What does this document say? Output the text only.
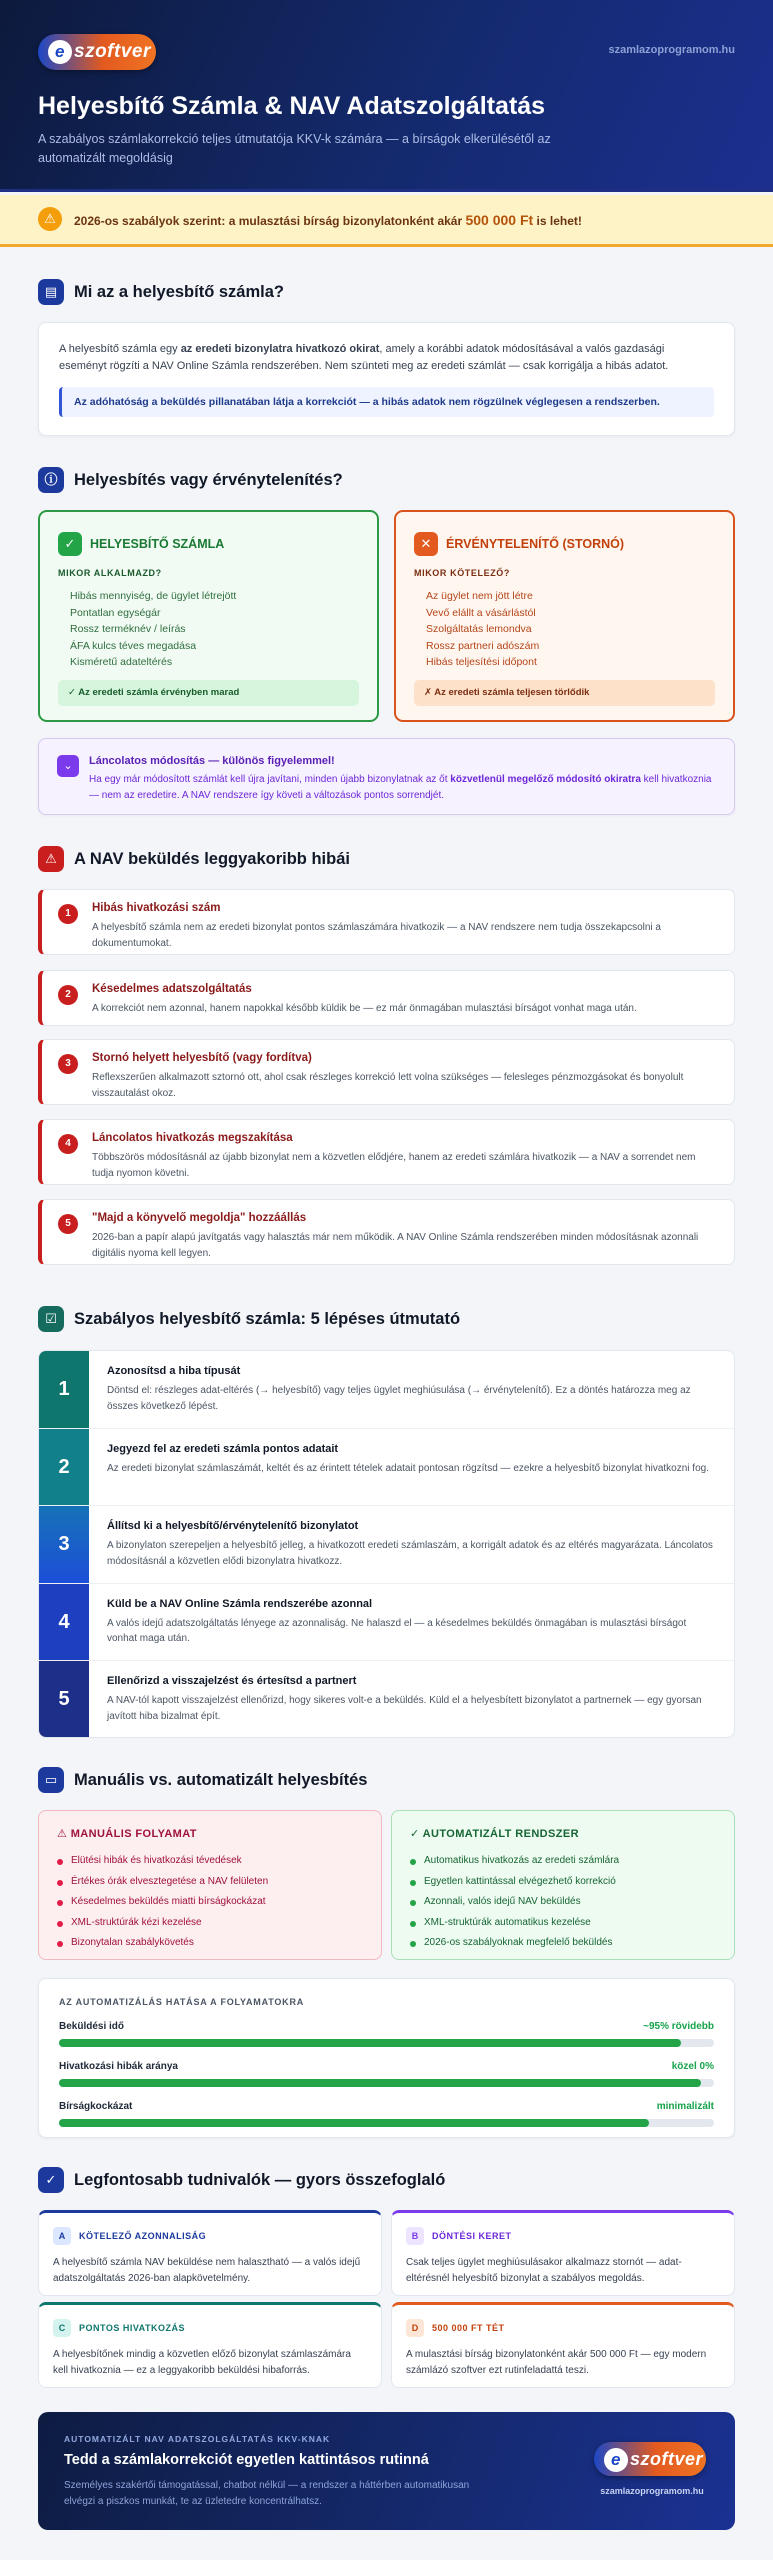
e szoftver	szamlazoprogramom.hu
Helyesbítő Számla & NAV Adatszolgáltatás
A szabályos számlakorrekció teljes útmutatója KKV-k számára — a bírságok elkerülésétől az automatizált megoldásig
⚠	2026-os szabályok szerint: a mulasztási bírság bizonylatonként akár 500 000 Ft is lehet!
▤	Mi az a helyesbítő számla?
A helyesbítő számla egy az eredeti bizonylatra hivatkozó okirat, amely a korábbi adatok módosításával a valós gazdasági eseményt rögzíti a NAV Online Számla rendszerében. Nem szünteti meg az eredeti számlát — csak korrigálja a hibás adatot.
Az adóhatóság a beküldés pillanatában látja a korrekciót — a hibás adatok nem rögzülnek véglegesen a rendszerben.
ⓘ	Helyesbítés vagy érvénytelenítés?
✓	HELYESBÍTŐ SZÁMLA
MIKOR ALKALMAZD?
Hibás mennyiség, de ügylet létrejött
Pontatlan egységár
Rossz terméknév / leírás
ÁFA kulcs téves megadása
Kisméretű adateltérés
✓ Az eredeti számla érvényben marad
✕	ÉRVÉNYTELENÍTŐ (STORNÓ)
MIKOR KÖTELEZŐ?
Az ügylet nem jött létre
Vevő elállt a vásárlástól
Szolgáltatás lemondva
Rossz partneri adószám
Hibás teljesítési időpont
✗ Az eredeti számla teljesen törlődik
⌄	Láncolatos módosítás — különös figyelemmel!
Ha egy már módosított számlát kell újra javítani, minden újabb bizonylatnak az őt közvetlenül megelőző módosító okiratra kell hivatkoznia — nem az eredetire. A NAV rendszere így követi a változások pontos sorrendjét.
⚠	A NAV beküldés leggyakoribb hibái
1	Hibás hivatkozási szám
A helyesbítő számla nem az eredeti bizonylat pontos számlaszámára hivatkozik — a NAV rendszere nem tudja összekapcsolni a dokumentumokat.
2	Késedelmes adatszolgáltatás
A korrekciót nem azonnal, hanem napokkal később küldik be — ez már önmagában mulasztási bírságot vonhat maga után.
3	Stornó helyett helyesbítő (vagy fordítva)
Reflexszerűen alkalmazott sztornó ott, ahol csak részleges korrekció lett volna szükséges — felesleges pénzmozgásokat és bonyolult visszautalást okoz.
4	Láncolatos hivatkozás megszakítása
Többszörös módosításnál az újabb bizonylat nem a közvetlen elődjére, hanem az eredeti számlára hivatkozik — a NAV a sorrendet nem tudja nyomon követni.
5	"Majd a könyvelő megoldja" hozzáállás
2026-ban a papír alapú javítgatás vagy halasztás már nem működik. A NAV Online Számla rendszerében minden módosításnak azonnali digitális nyoma kell legyen.
☑	Szabályos helyesbítő számla: 5 lépéses útmutató
1
Azonosítsd a hiba típusát
Döntsd el: részleges adat-eltérés (→ helyesbítő) vagy teljes ügylet meghiúsulása (→ érvénytelenítő). Ez a döntés határozza meg az összes következő lépést.
2
Jegyezd fel az eredeti számla pontos adatait
Az eredeti bizonylat számlaszámát, keltét és az érintett tételek adatait pontosan rögzítsd — ezekre a helyesbítő bizonylat hivatkozni fog.
3
Állítsd ki a helyesbítő/érvénytelenítő bizonylatot
A bizonylaton szerepeljen a helyesbítő jelleg, a hivatkozott eredeti számlaszám, a korrigált adatok és az eltérés magyarázata. Láncolatos módosításnál a közvetlen elődi bizonylatra hivatkozz.
4
Küld be a NAV Online Számla rendszerébe azonnal
A valós idejű adatszolgáltatás lényege az azonnaliság. Ne halaszd el — a késedelmes beküldés önmagában is mulasztási bírságot vonhat maga után.
5
Ellenőrizd a visszajelzést és értesítsd a partnert
A NAV-tól kapott visszajelzést ellenőrizd, hogy sikeres volt-e a beküldés. Küld el a helyesbített bizonylatot a partnernek — egy gyorsan javított hiba bizalmat épít.
▭	Manuális vs. automatizált helyesbítés
⚠ MANUÁLIS FOLYAMAT
Elütési hibák és hivatkozási tévedések
Értékes órák elvesztegetése a NAV felületen
Késedelmes beküldés miatti bírságkockázat
XML-struktúrák kézi kezelése
Bizonytalan szabálykövetés
✓ AUTOMATIZÁLT RENDSZER
Automatikus hivatkozás az eredeti számlára
Egyetlen kattintással elvégezhető korrekció
Azonnali, valós idejű NAV beküldés
XML-struktúrák automatikus kezelése
2026-os szabályoknak megfelelő beküldés
AZ AUTOMATIZÁLÁS HATÁSA A FOLYAMATOKRA
Beküldési idő	~95% rövidebb
Hivatkozási hibák aránya	közel 0%
Bírságkockázat	minimalizált
✓	Legfontosabb tudnivalók — gyors összefoglaló
A	KÖTELEZŐ AZONNALISÁG
A helyesbítő számla NAV beküldése nem halasztható — a valós idejű adatszolgáltatás 2026-ban alapkövetelmény.
B	DÖNTÉSI KERET
Csak teljes ügylet meghiúsulásakor alkalmazz stornót — adat-eltérésnél helyesbítő bizonylat a szabályos megoldás.
C	PONTOS HIVATKOZÁS
A helyesbítőnek mindig a közvetlen előző bizonylat számlaszámára kell hivatkoznia — ez a leggyakoribb beküldési hibaforrás.
D	500 000 FT TÉT
A mulasztási bírság bizonylatonként akár 500 000 Ft — egy modern számlázó szoftver ezt rutinfeladattá teszi.
AUTOMATIZÁLT NAV ADATSZOLGÁLTATÁS KKV-KNAK
Tedd a számlakorrekciót egyetlen kattintásos rutinná
Személyes szakértői támogatással, chatbot nélkül — a rendszer a háttérben automatikusan elvégzi a piszkos munkát, te az üzletedre koncentrálhatsz.
e szoftver
szamlazoprogramom.hu
